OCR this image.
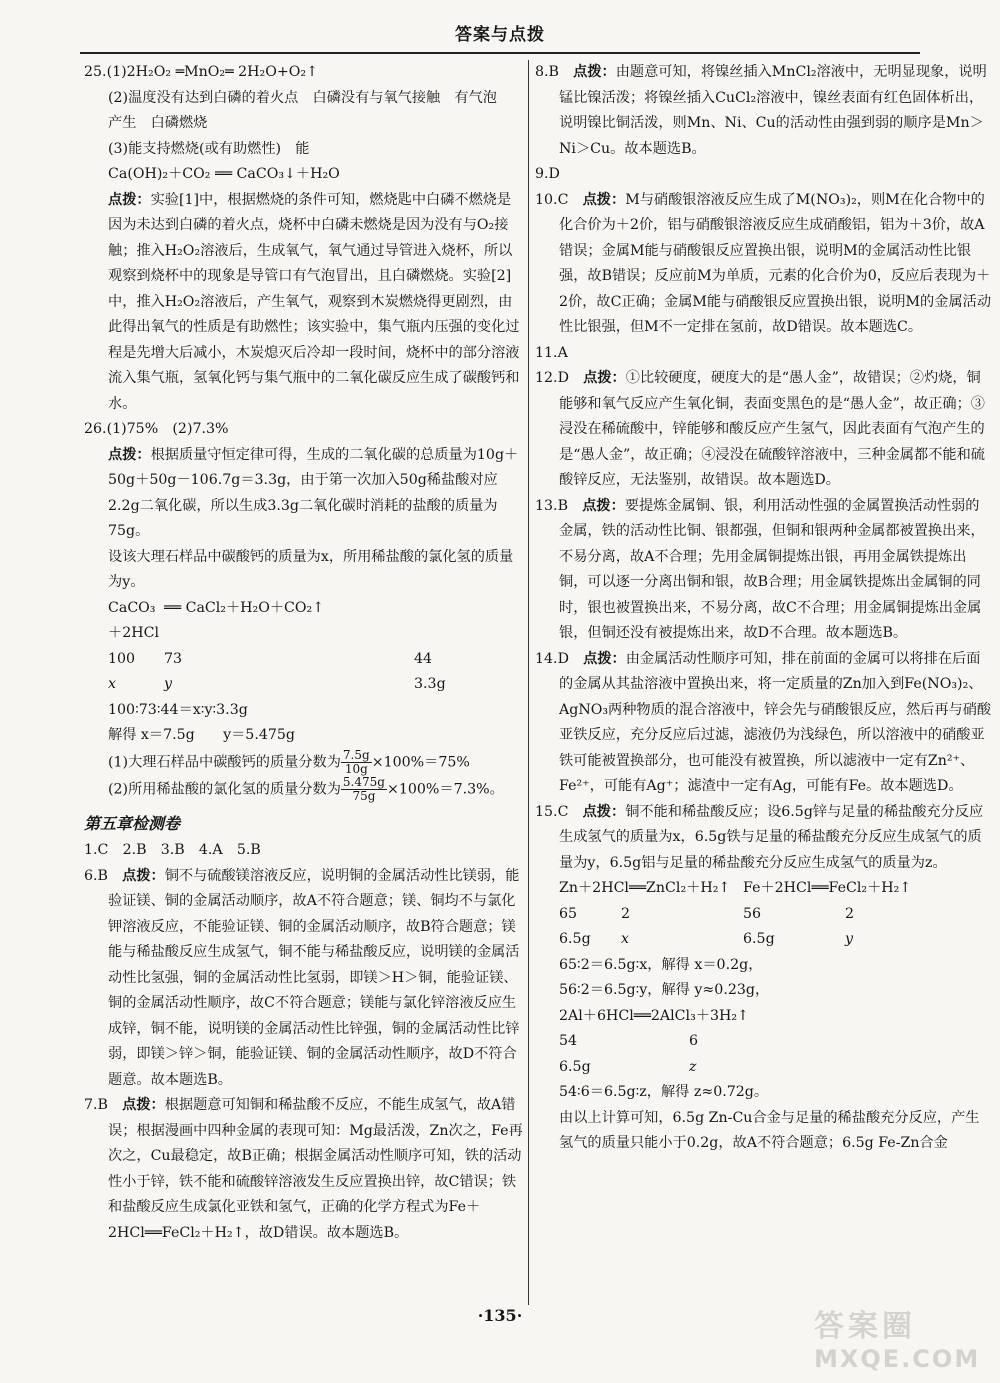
答案与点拨

25.(1)2H₂O₂ ═MnO₂═ 2H₂O+O₂↑

(2)温度没有达到白磷的着火点　白磷没有与氧气接触　有气泡

产生　白磷燃烧

(3)能支持燃烧(或有助燃性)　能

Ca(OH)₂＋CO₂ ══ CaCO₃↓＋H₂O

点拨：实验[1]中，根据燃烧的条件可知，燃烧匙中白磷不燃烧是因为未达到白磷的着火点，烧杯中白磷未燃烧是因为没有与O₂接触；推入H₂O₂溶液后，生成氧气，氧气通过导管进入烧杯，所以观察到烧杯中的现象是导管口有气泡冒出，且白磷燃烧。实验[2]中，推入H₂O₂溶液后，产生氧气，观察到木炭燃烧得更剧烈，由此得出氧气的性质是有助燃性；该实验中，集气瓶内压强的变化过程是先增大后减小，木炭熄灭后冷却一段时间，烧杯中的部分溶液流入集气瓶，氢氧化钙与集气瓶中的二氧化碳反应生成了碳酸钙和水。

26.(1)75%　(2)7.3%

点拨：根据质量守恒定律可得，生成的二氧化碳的总质量为10g＋50g＋50g－106.7g＝3.3g，由于第一次加入50g稀盐酸对应2.2g二氧化碳，所以生成3.3g二氧化碳时消耗的盐酸的质量为75g。

设该大理石样品中碳酸钙的质量为x，所用稀盐酸的氯化氢的质量为y。

CaCO₃＋2HCl
══ CaCl₂＋H₂O＋CO₂↑
100	73	44
x	y	3.3g

100∶73∶44＝x∶y∶3.3g

解得 x＝7.5g　　y＝5.475g

(1)大理石样品中碳酸钙的质量分数为 $\frac{7.5g}{10g} \times 100\%=75\%$

(2)所用稀盐酸的氯化氢的质量分数为 $\frac{5.475g}{75g} \times 100\%=7.3\%$。

第五章检测卷

1.C　2.B　3.B　4.A　5.B

6.B　点拨：铜不与硫酸镁溶液反应，说明铜的金属活动性比镁弱，能验证镁、铜的金属活动顺序，故A不符合题意；镁、铜均不与氯化钾溶液反应，不能验证镁、铜的金属活动顺序，故B符合题意；镁能与稀盐酸反应生成氢气，铜不能与稀盐酸反应，说明镁的金属活动性比氢强，铜的金属活动性比氢弱，即镁＞H＞铜，能验证镁、铜的金属活动性顺序，故C不符合题意；镁能与氯化锌溶液反应生成锌，铜不能，说明镁的金属活动性比锌强，铜的金属活动性比锌弱，即镁＞锌＞铜，能验证镁、铜的金属活动性顺序，故D不符合题意。故本题选B。

7.B　点拨：根据题意可知铜和稀盐酸不反应，不能生成氢气，故A错误；根据漫画中四种金属的表现可知：Mg最活泼，Zn次之，Fe再次之，Cu最稳定，故B正确；根据金属活动性顺序可知，铁的活动性小于锌，铁不能和硫酸锌溶液发生反应置换出锌，故C错误；铁和盐酸反应生成氯化亚铁和氢气，正确的化学方程式为Fe＋2HCl══FeCl₂＋H₂↑，故D错误。故本题选B。

8.B　点拨：由题意可知，将镍丝插入MnCl₂溶液中，无明显现象，说明锰比镍活泼；将镍丝插入CuCl₂溶液中，镍丝表面有红色固体析出，说明镍比铜活泼，则Mn、Ni、Cu的活动性由强到弱的顺序是Mn＞Ni＞Cu。故本题选B。

9.D

10.C　点拨：M与硝酸银溶液反应生成了M(NO₃)₂，则M在化合物中的化合价为＋2价，铝与硝酸银溶液反应生成硝酸铝，铝为＋3价，故A错误；金属M能与硝酸银反应置换出银，说明M的金属活动性比银强，故B错误；反应前M为单质，元素的化合价为0，反应后表现为＋2价，故C正确；金属M能与硝酸银反应置换出银，说明M的金属活动性比银强，但M不一定排在氢前，故D错误。故本题选C。

11.A

12.D　点拨：①比较硬度，硬度大的是“愚人金”，故错误；②灼烧，铜能够和氧气反应产生氧化铜，表面变黑色的是“愚人金”，故正确；③浸没在稀硫酸中，锌能够和酸反应产生氢气，因此表面有气泡产生的是“愚人金”，故正确；④浸没在硫酸锌溶液中，三种金属都不能和硫酸锌反应，无法鉴别，故错误。故本题选D。

13.B　点拨：要提炼金属铜、银，利用活动性强的金属置换活动性弱的金属，铁的活动性比铜、银都强，但铜和银两种金属都被置换出来，不易分离，故A不合理；先用金属铜提炼出银，再用金属铁提炼出铜，可以逐一分离出铜和银，故B合理；用金属铁提炼出金属铜的同时，银也被置换出来，不易分离，故C不合理；用金属铜提炼出金属银，但铜还没有被提炼出来，故D不合理。故本题选B。

14.D　点拨：由金属活动性顺序可知，排在前面的金属可以将排在后面的金属从其盐溶液中置换出来，将一定质量的Zn加入到Fe(NO₃)₂、AgNO₃两种物质的混合溶液中，锌会先与硝酸银反应，然后再与硝酸亚铁反应，充分反应后过滤，滤液仍为浅绿色，所以溶液中的硝酸亚铁可能被置换部分，也可能没有被置换，所以滤液中一定有Zn²⁺、Fe²⁺，可能有Ag⁺；滤渣中一定有Ag，可能有Fe。故本题选D。

15.C　点拨：铜不能和稀盐酸反应；设6.5g锌与足量的稀盐酸充分反应生成氢气的质量为x，6.5g铁与足量的稀盐酸充分反应生成氢气的质量为y，6.5g铝与足量的稀盐酸充分反应生成氢气的质量为z。

Zn＋2HCl══ZnCl₂＋H₂↑ Fe＋2HCl══FeCl₂＋H₂↑
65	2	56	2
6.5g	x	6.5g	y

65∶2＝6.5g∶x，解得 x＝0.2g，

56∶2＝6.5g∶y，解得 y≈0.23g，

2Al＋6HCl══2AlCl₃＋3H₂↑

54	6
6.5g	z

54∶6＝6.5g∶z，解得 z≈0.72g。

由以上计算可知，6.5g Zn-Cu合金与足量的稀盐酸充分反应，产生氢气的质量只能小于0.2g，故A不符合题意；6.5g Fe-Zn合金

·135·	答案圈
MXQE.COM
